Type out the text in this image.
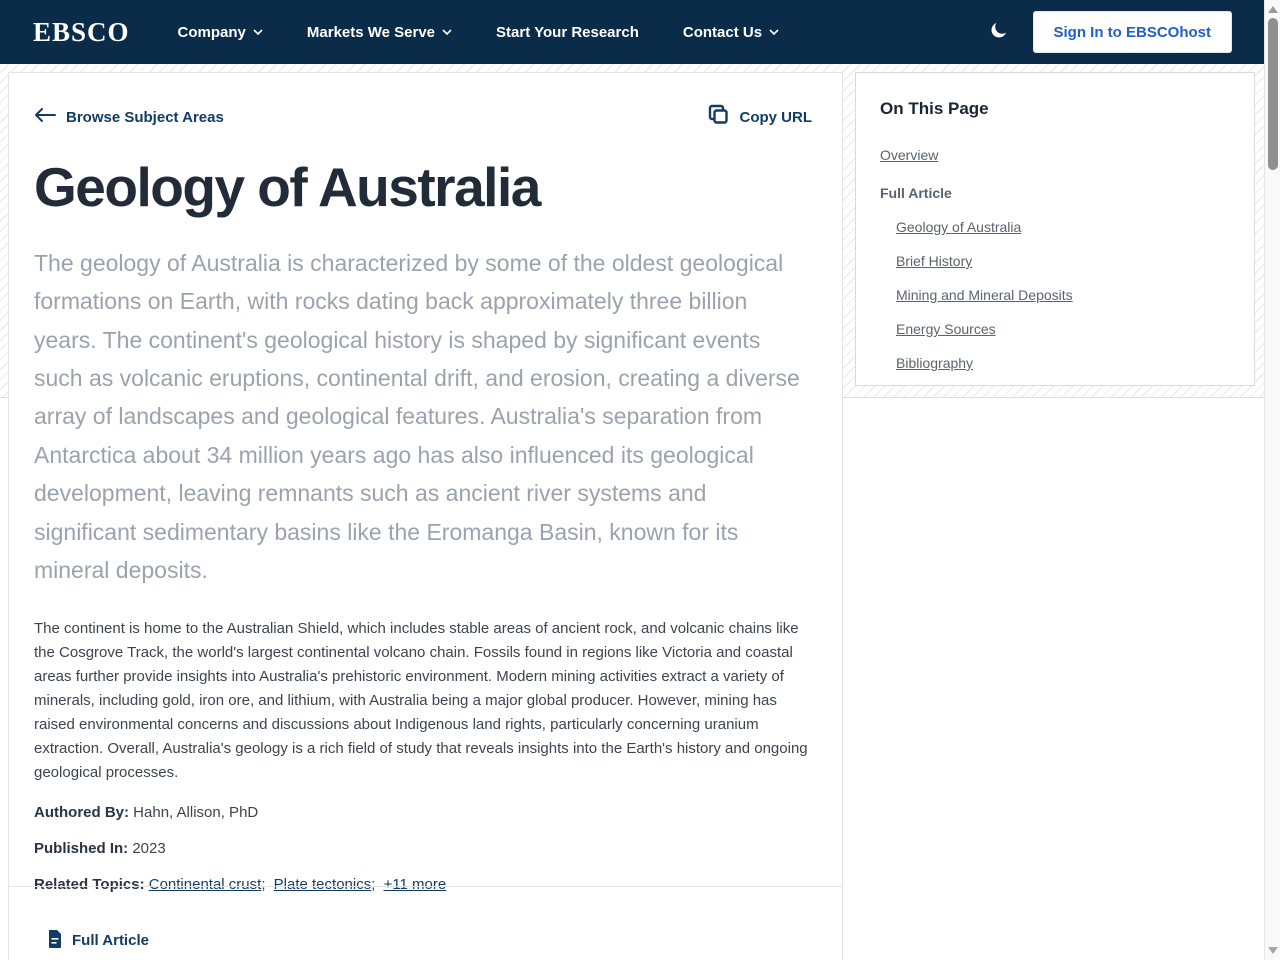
EBSCO	Company	Markets We Serve	Start Your Research	Contact Us	Sign In to EBSCOhost
Browse Subject Areas	Copy URL
Geology of Australia
The geology of Australia is characterized by some of the oldest geological formations on Earth, with rocks dating back approximately three billion years. The continent's geological history is shaped by significant events such as volcanic eruptions, continental drift, and erosion, creating a diverse array of landscapes and geological features. Australia's separation from Antarctica about 34 million years ago has also influenced its geological development, leaving remnants such as ancient river systems and significant sedimentary basins like the Eromanga Basin, known for its mineral deposits.
The continent is home to the Australian Shield, which includes stable areas of ancient rock, and volcanic chains like the Cosgrove Track, the world's largest continental volcano chain. Fossils found in regions like Victoria and coastal areas further provide insights into Australia's prehistoric environment. Modern mining activities extract a variety of minerals, including gold, iron ore, and lithium, with Australia being a major global producer. However, mining has raised environmental concerns and discussions about Indigenous land rights, particularly concerning uranium extraction. Overall, Australia's geology is a rich field of study that reveals insights into the Earth's history and ongoing geological processes.
Authored By: Hahn, Allison, PhD
Published In: 2023
Related Topics: Continental crust; Plate tectonics; +11 more
Full Article
On This Page
Overview
Full Article
Geology of Australia
Brief History
Mining and Mineral Deposits
Energy Sources
Bibliography
